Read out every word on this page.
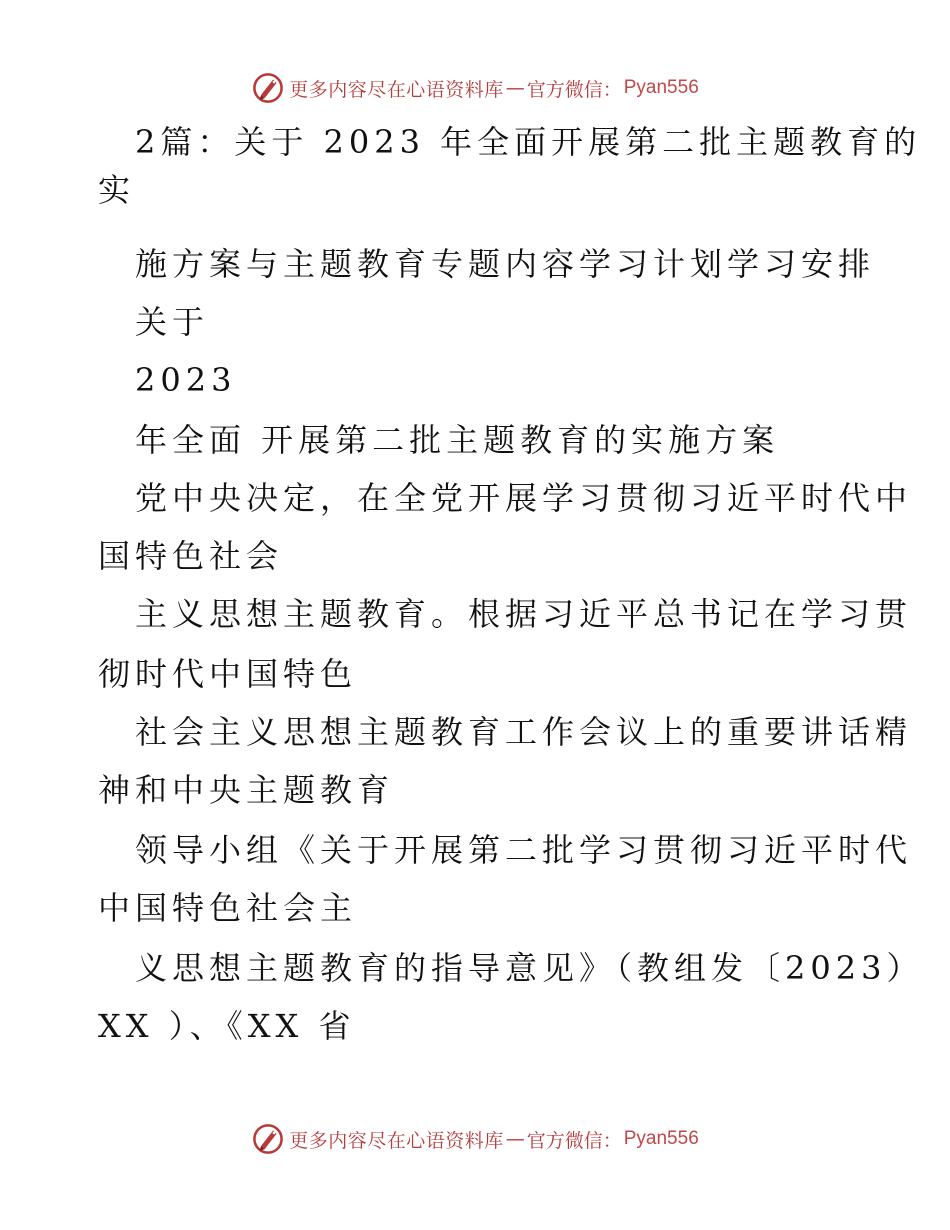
更多内容尽在心语资料库 — 官方微信： Pyan556
2篇：关于 2023 年全面开展第二批主题教育的
实
施方案与主题教育专题内容学习计划学习安排
关于
2023
年全面 开展第二批主题教育的实施方案
党中央决定，在全党开展学习贯彻习近平时代中
国特色社会
主义思想主题教育。根据习近平总书记在学习贯
彻时代中国特色
社会主义思想主题教育工作会议上的重要讲话精
神和中央主题教育
领导小组《关于开展第二批学习贯彻习近平时代
中国特色社会主
义思想主题教育的指导意见》（教组发〔2023）
XX ）、《XX 省
更多内容尽在心语资料库 — 官方微信： Pyan556
